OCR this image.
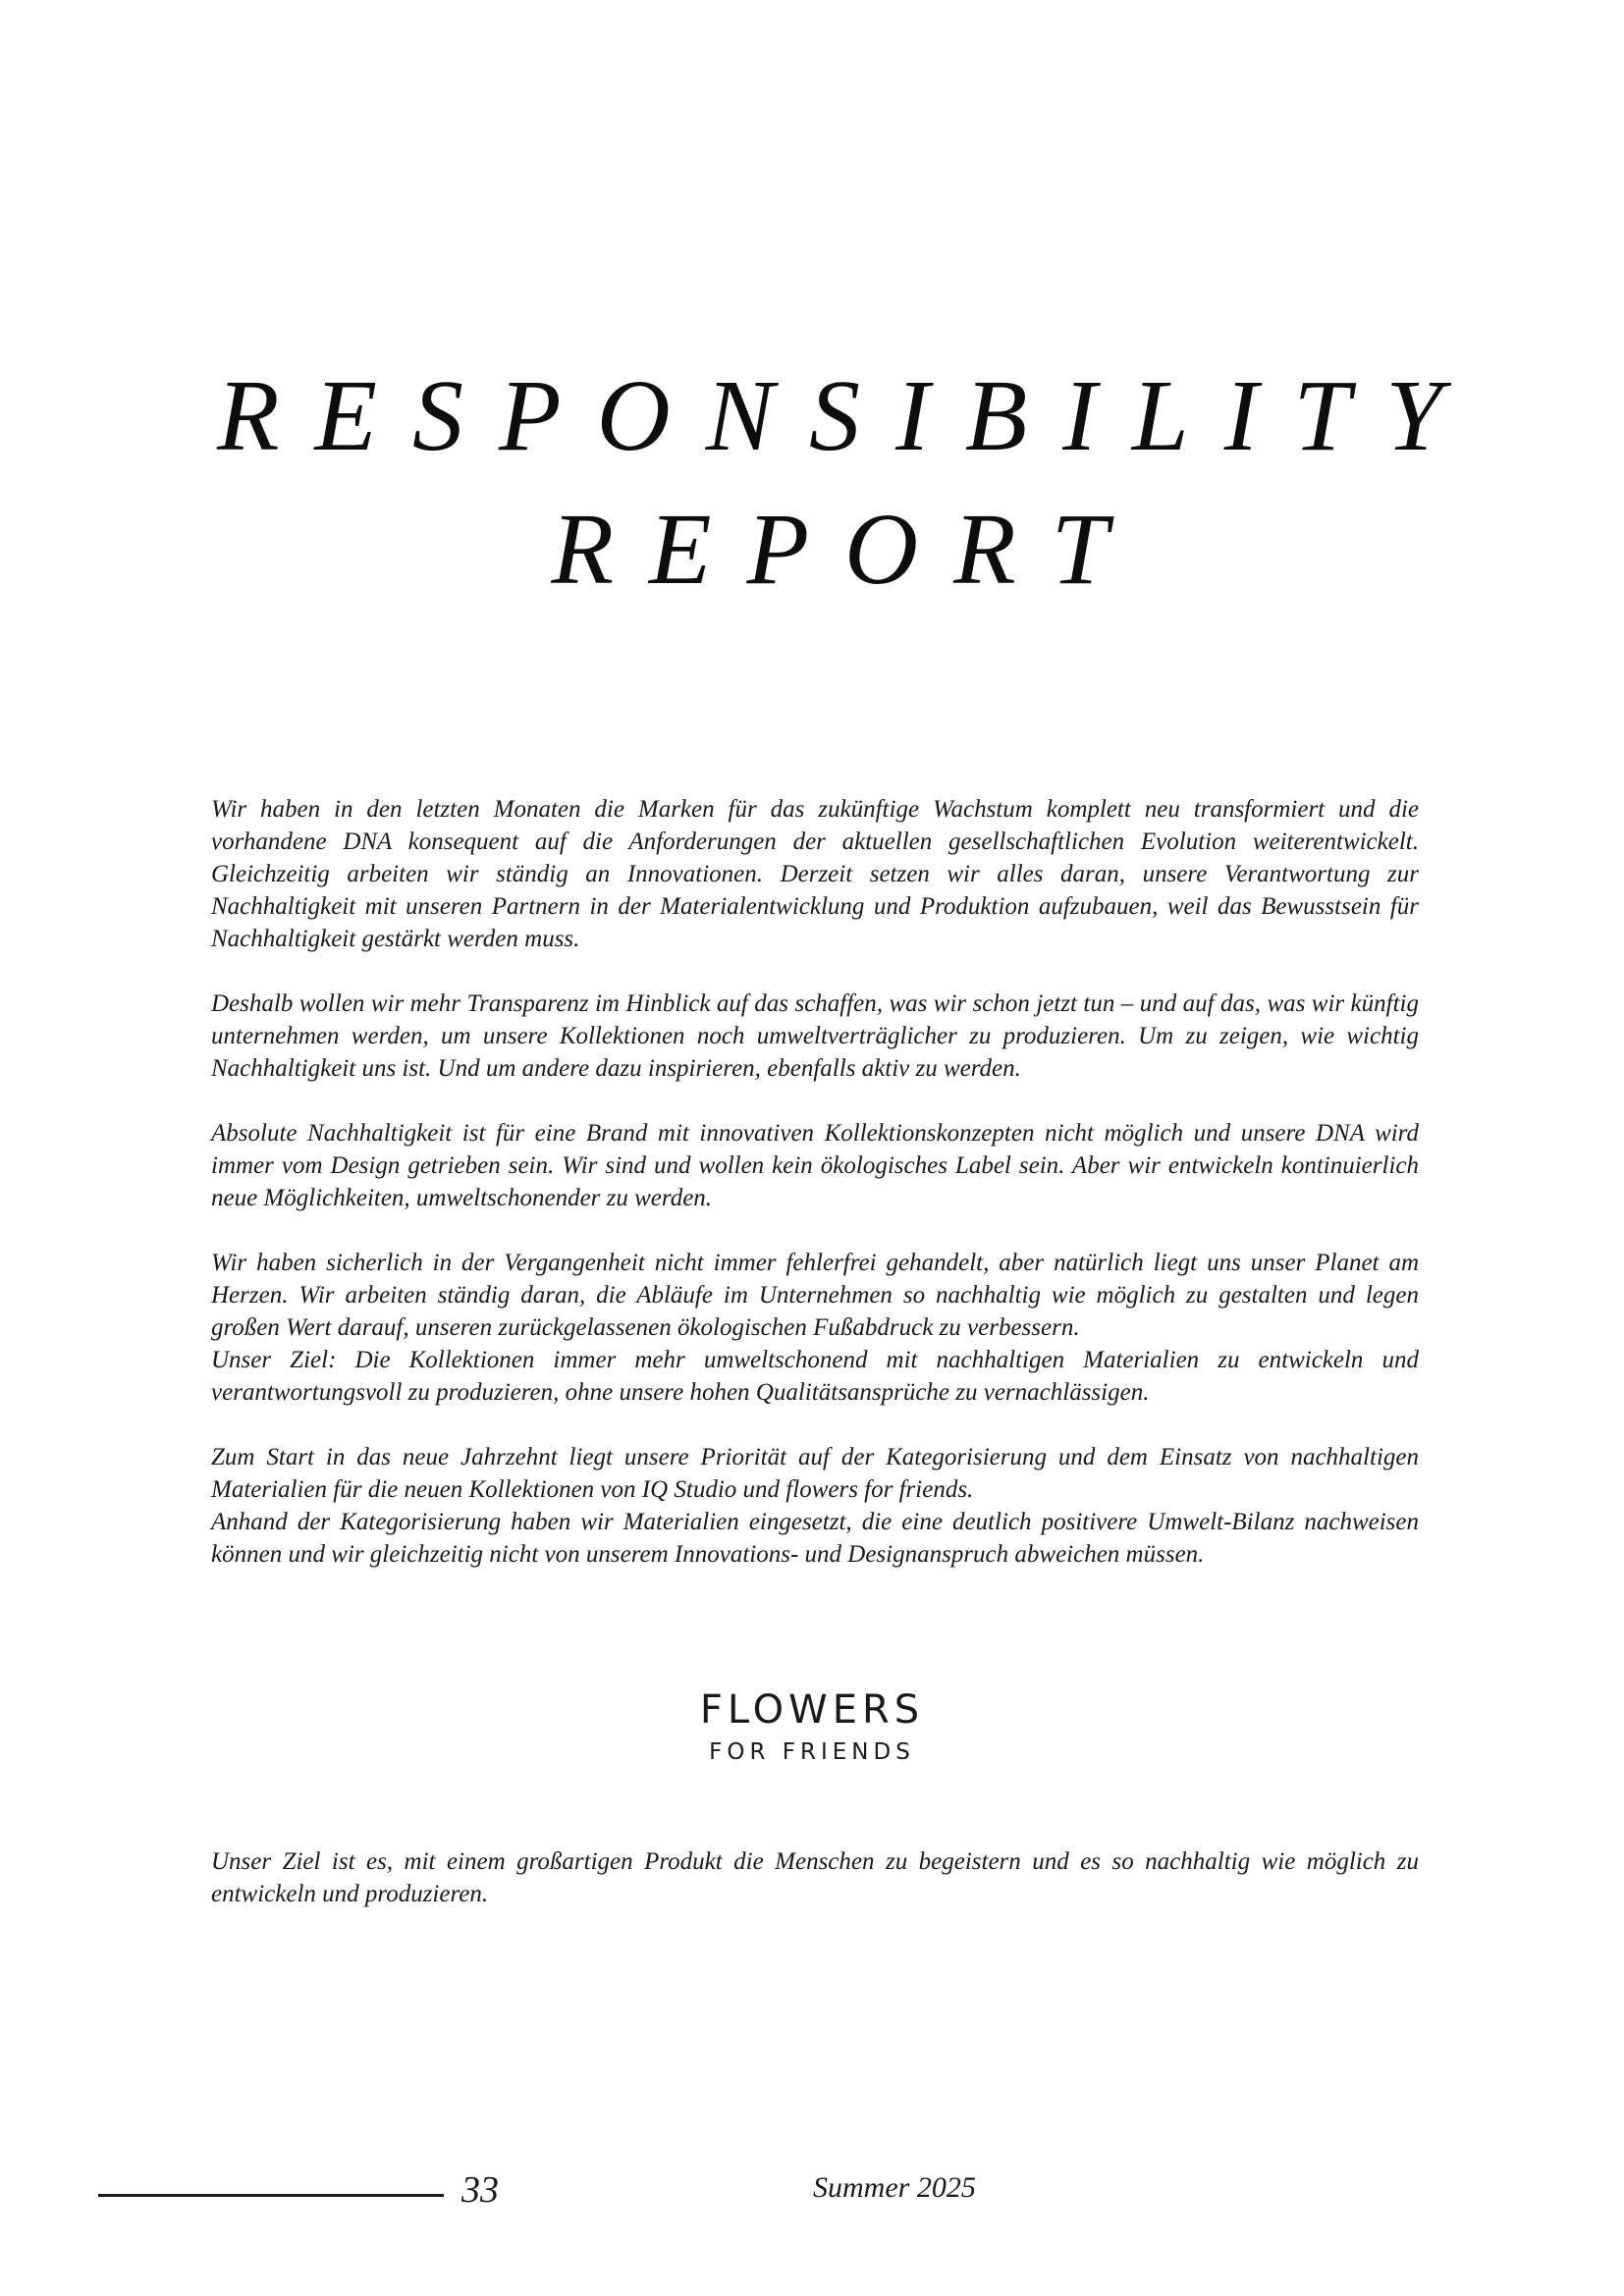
RESPONSIBILITY
REPORT

Wir haben in den letzten Monaten die Marken für das zukünftige Wachstum komplett neu transformiert und die vorhandene DNA konsequent auf die Anforderungen der aktuellen gesellschaftlichen Evolution weiterentwickelt. Gleichzeitig arbeiten wir ständig an Innovationen. Derzeit setzen wir alles daran, unsere Verantwortung zur Nachhaltigkeit mit unseren Partnern in der Materialentwicklung und Produktion aufzubauen, weil das Bewusstsein für Nachhaltigkeit gestärkt werden muss.

Deshalb wollen wir mehr Transparenz im Hinblick auf das schaffen, was wir schon jetzt tun – und auf das, was wir künftig unternehmen werden, um unsere Kollektionen noch umweltverträglicher zu produzieren. Um zu zeigen, wie wichtig Nachhaltigkeit uns ist. Und um andere dazu inspirieren, ebenfalls aktiv zu werden.

Absolute Nachhaltigkeit ist für eine Brand mit innovativen Kollektionskonzepten nicht möglich und unsere DNA wird immer vom Design getrieben sein. Wir sind und wollen kein ökologisches Label sein. Aber wir entwickeln kontinuierlich neue Möglichkeiten, umweltschonender zu werden.

Wir haben sicherlich in der Vergangenheit nicht immer fehlerfrei gehandelt, aber natürlich liegt uns unser Planet am Herzen. Wir arbeiten ständig daran, die Abläufe im Unternehmen so nachhaltig wie möglich zu gestalten und legen großen Wert darauf, unseren zurückgelassenen ökologischen Fußabdruck zu verbessern.
Unser Ziel: Die Kollektionen immer mehr umweltschonend mit nachhaltigen Materialien zu entwickeln und verantwortungsvoll zu produzieren, ohne unsere hohen Qualitätsansprüche zu vernachlässigen.

Zum Start in das neue Jahrzehnt liegt unsere Priorität auf der Kategorisierung und dem Einsatz von nachhaltigen Materialien für die neuen Kollektionen von IQ Studio und flowers for friends.
Anhand der Kategorisierung haben wir Materialien eingesetzt, die eine deutlich positivere Umwelt-Bilanz nachweisen können und wir gleichzeitig nicht von unserem Innovations- und Designanspruch abweichen müssen.

FLOWERS
FOR FRIENDS
Unser Ziel ist es, mit einem großartigen Produkt die Menschen zu begeistern und es so nachhaltig wie möglich zu entwickeln und produzieren.
33	Summer 2025
